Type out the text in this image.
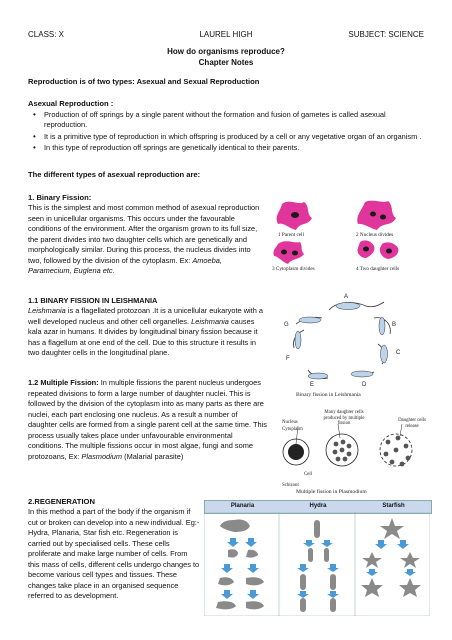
CLASS: X	LAUREL HIGH	SUBJECT: SCIENCE
How do organisms reproduce?
Chapter Notes
Reproduction is of two types: Asexual and Sexual Reproduction
Asexual Reproduction :
• Production of off springs by a single parent without the formation and fusion of gametes is called asexual reproduction.
• It is a primitive type of reproduction in which offspring is produced by a cell or any vegetative organ of an organism .
• In this type of reproduction off springs are genetically identical to their parents.
The different types of asexual reproduction are:
1. Binary Fission:
This is the simplest and most common method of asexual reproduction seen in unicellular organisms. This occurs under the favourable conditions of the environment. After the organism grown to its full size, the parent divides into two daughter cells which are genetically and morphologically similar. During this process, the nucleus divides into two, followed by the division of the cytoplasm. Ex: Amoeba, Paramecium, Euglena etc.
1 Parent cell	2 Nucleus divides
3 Cytoplasm divides	4 Two daughter cells
1.1 BINARY FISSION IN LEISHMANIA
Leishmania is a flagellated protozoan .It is a unicellular eukaryote with a well developed nucleus and other cell organelles. Leishmania causes kala azar in humans. It divides by longitudinal binary fission because it has a flagellum at one end of the cell. Due to this structure it results in two daughter cells in the longitudinal plane.
A
B
C
D
E
F
G
Binary fission in Leishmania
1.2 Multiple Fission: In multiple fissions the parent nucleus undergoes repeated divisions to form a large number of daughter nuclei. This is followed by the division of the cytoplasm into as many parts as there are nuclei, each part enclosing one nucleus. As a result a number of daughter cells are formed from a single parent cell at the same time. This process usually takes place under unfavourable environmental conditions. The multiple fissions occur in most algae, fungi and some protozoans, Ex: Plasmodium (Malarial parasite)
Nucleus
Cytoplasm
Many daughter cells produced by multiple fission
Daughter cells release
Cell
Schizont
Multiple fission in Plasmodium
2.REGENERATION
In this method a part of the body if the organism if cut or broken can develop into a new individual. Eg:-Hydra, Planaria, Star fish etc. Regeneration is carried out by specialised cells. These cells proliferate and make large number of cells. From this mass of cells, different cells undergo changes to become various cell types and tissues. These changes take place in an organised sequence referred to as development.
Planaria	Hydra	Starfish
